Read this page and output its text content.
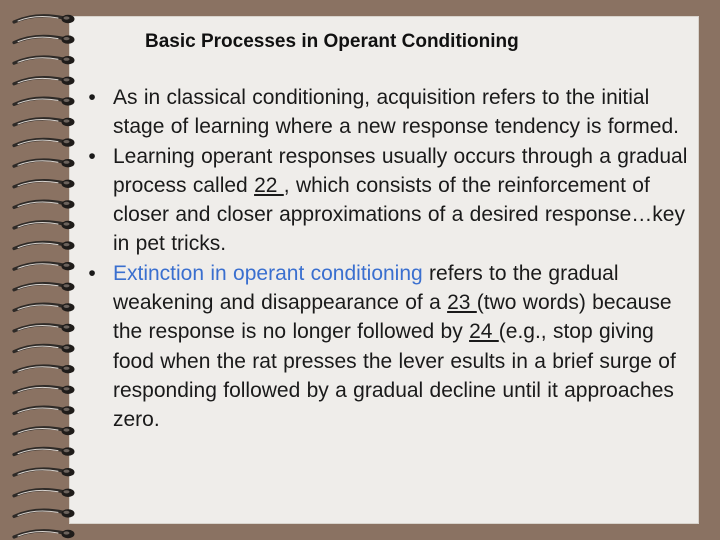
Basic Processes in Operant Conditioning
• As in classical conditioning, acquisition refers to the initial stage of learning where a new response tendency is formed.
• Learning operant responses usually occurs through a gradual process called 22 , which consists of the reinforcement of closer and closer approximations of a desired response…key in pet tricks.
• Extinction in operant conditioning refers to the gradual weakening and disappearance of a 23 (two words) because the response is no longer followed by 24 (e.g., stop giving food when the rat presses the lever esults in a brief surge of responding followed by a gradual decline until it approaches zero.
